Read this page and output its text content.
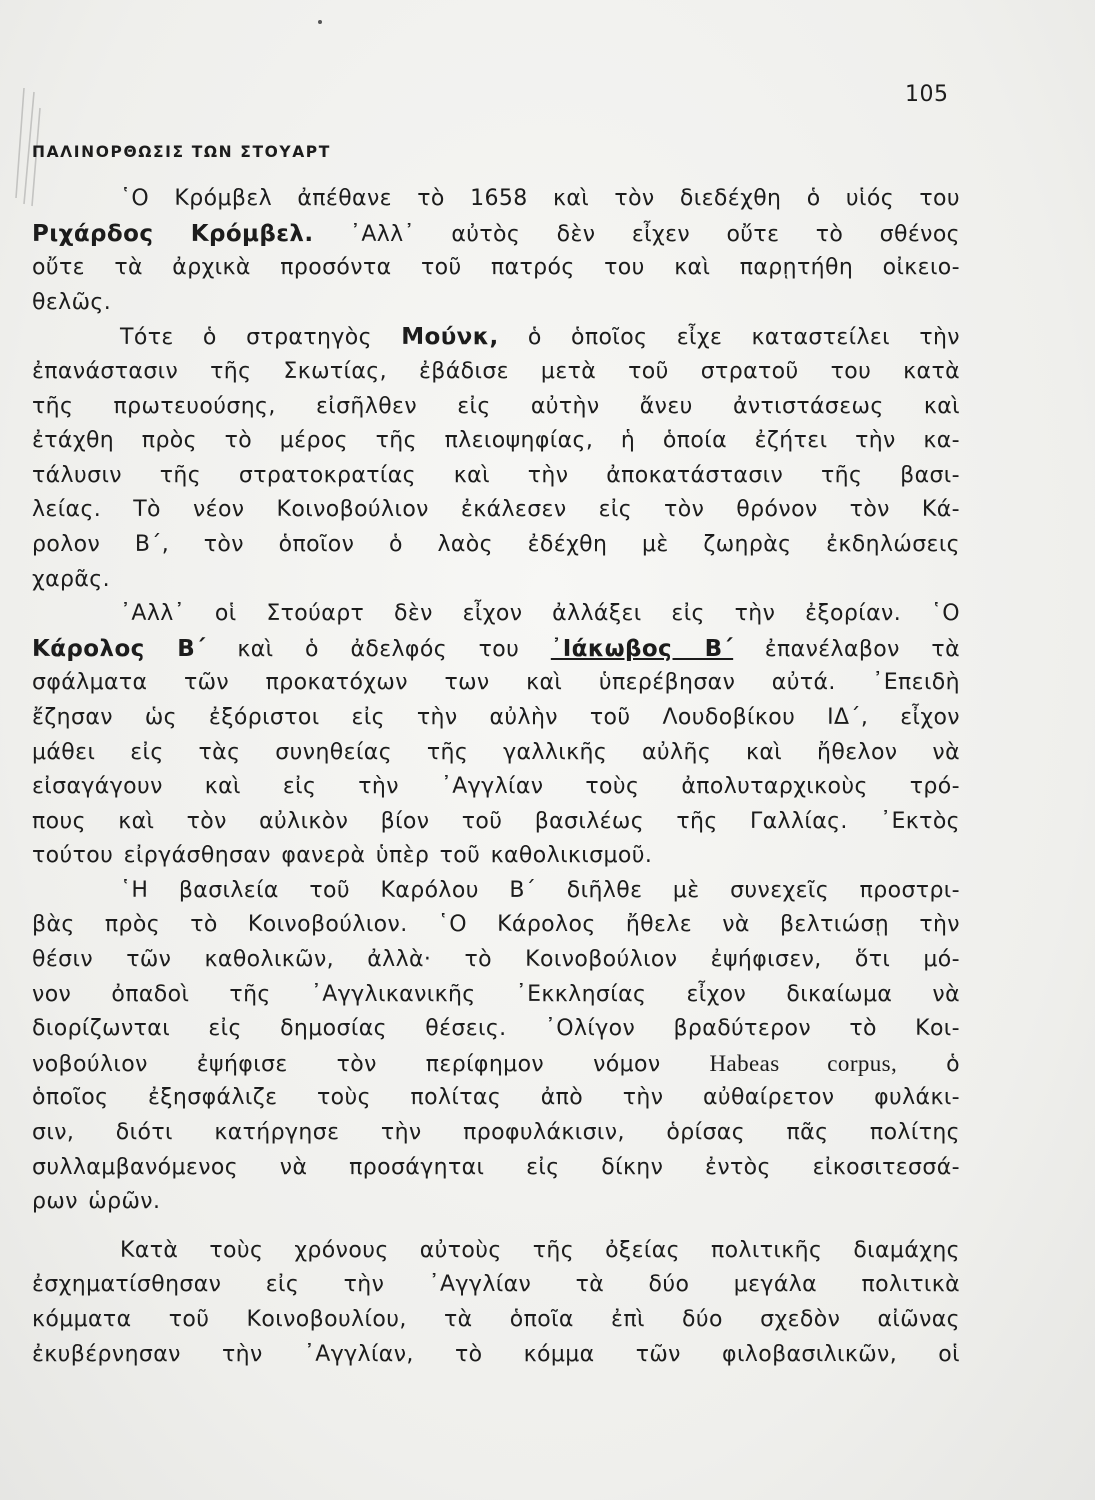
105
ΠΑΛΙΝΟΡΘΩΣΙΣ ΤΩΝ ΣΤΟΥΑΡΤ
῾Ο Κρόμβελ ἀπέθανε τὸ 1658 καὶ τὸν διεδέχθη ὁ υἱός του
Ριχάρδος Κρόμβελ. ᾿Αλλ᾿ αὐτὸς δὲν εἶχεν οὔτε τὸ σθένος
οὔτε τὰ ἀρχικὰ προσόντα τοῦ πατρός του καὶ παρῃτήθη οἰκειο-
θελῶς.
Τότε ὁ στρατηγὸς Μούνκ, ὁ ὁποῖος εἶχε καταστείλει τὴν
ἐπανάστασιν τῆς Σκωτίας, ἐβάδισε μετὰ τοῦ στρατοῦ του κατὰ
τῆς πρωτευούσης, εἰσῆλθεν εἰς αὐτὴν ἄνευ ἀντιστάσεως καὶ
ἐτάχθη πρὸς τὸ μέρος τῆς πλειοψηφίας, ἡ ὁποία ἐζήτει τὴν κα-
τάλυσιν τῆς στρατοκρατίας καὶ τὴν ἀποκατάστασιν τῆς βασι-
λείας. Τὸ νέον Κοινοβούλιον ἐκάλεσεν εἰς τὸν θρόνον τὸν Κά-
ρολον Β΄, τὸν ὁποῖον ὁ λαὸς ἐδέχθη μὲ ζωηρὰς ἐκδηλώσεις
χαρᾶς.
᾿Αλλ᾿ οἱ Στούαρτ δὲν εἶχον ἀλλάξει εἰς τὴν ἐξορίαν. ῾Ο
Κάρολος Β΄ καὶ ὁ ἀδελφός του ᾿Ιάκωβος Β΄ ἐπανέλαβον τὰ
σφάλματα τῶν προκατόχων των καὶ ὑπερέβησαν αὐτά. ᾿Επειδὴ
ἔζησαν ὡς ἐξόριστοι εἰς τὴν αὐλὴν τοῦ Λουδοβίκου ΙΔ΄, εἶχον
μάθει εἰς τὰς συνηθείας τῆς γαλλικῆς αὐλῆς καὶ ἤθελον νὰ
εἰσαγάγουν καὶ εἰς τὴν ᾿Αγγλίαν τοὺς ἀπολυταρχικοὺς τρό-
πους καὶ τὸν αὐλικὸν βίον τοῦ βασιλέως τῆς Γαλλίας. ᾿Εκτὸς
τούτου εἰργάσθησαν φανερὰ ὑπὲρ τοῦ καθολικισμοῦ.
῾Η βασιλεία τοῦ Καρόλου Β΄ διῆλθε μὲ συνεχεῖς προστρι-
βὰς πρὸς τὸ Κοινοβούλιον. ῾Ο Κάρολος ἤθελε νὰ βελτιώσῃ τὴν
θέσιν τῶν καθολικῶν, ἀλλὰ· τὸ Κοινοβούλιον ἐψήφισεν, ὅτι μό-
νον ὀπαδοὶ τῆς ᾿Αγγλικανικῆς ᾿Εκκλησίας εἶχον δικαίωμα νὰ
διορίζωνται εἰς δημοσίας θέσεις. ᾿Ολίγον βραδύτερον τὸ Κοι-
νοβούλιον ἐψήφισε τὸν περίφημον νόμον Habeas corpus, ὁ
ὁποῖος ἐξησφάλιζε τοὺς πολίτας ἀπὸ τὴν αὐθαίρετον φυλάκι-
σιν, διότι κατήργησε τὴν προφυλάκισιν, ὁρίσας πᾶς πολίτης
συλλαμβανόμενος νὰ προσάγηται εἰς δίκην ἐντὸς εἰκοσιτεσσά-
ρων ὡρῶν.
Κατὰ τοὺς χρόνους αὐτοὺς τῆς ὀξείας πολιτικῆς διαμάχης
ἐσχηματίσθησαν εἰς τὴν ᾿Αγγλίαν τὰ δύο μεγάλα πολιτικὰ
κόμματα τοῦ Κοινοβουλίου, τὰ ὁποῖα ἐπὶ δύο σχεδὸν αἰῶνας
ἐκυβέρνησαν τὴν ᾿Αγγλίαν, τὸ κόμμα τῶν φιλοβασιλικῶν, οἱ
